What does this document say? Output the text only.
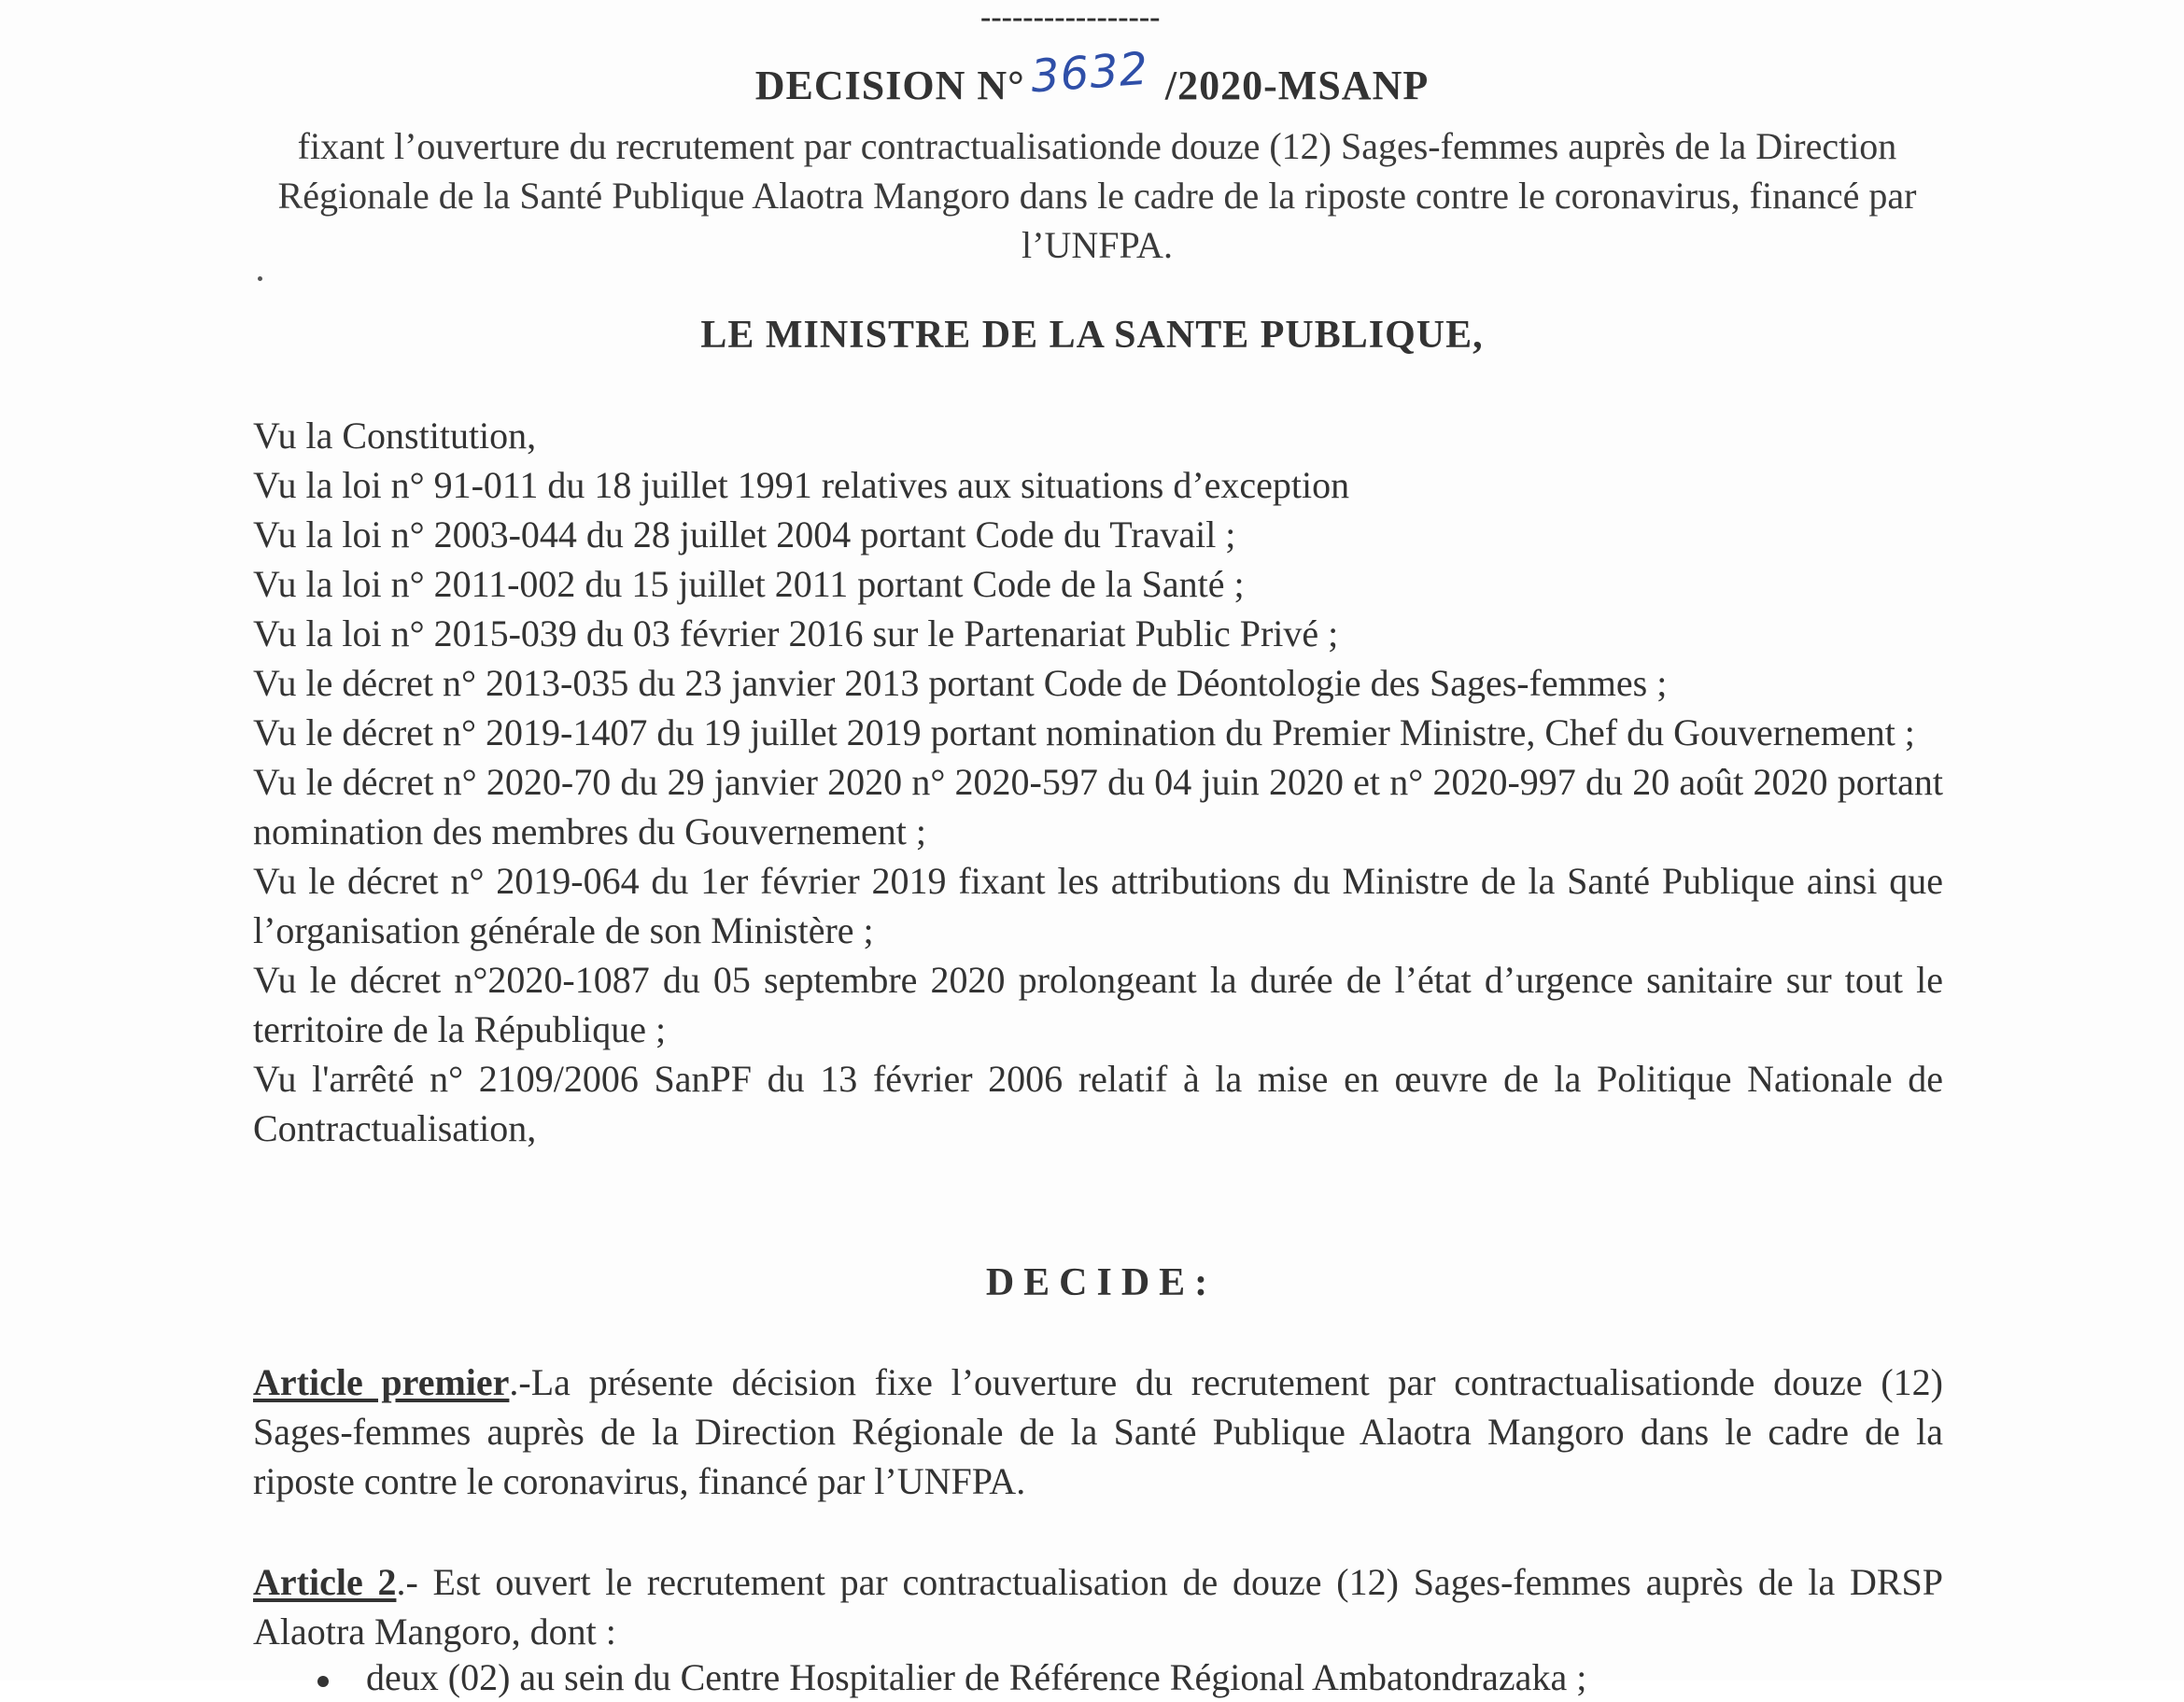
-----------------
DECISION N°3632 /2020-MSANP
fixant l’ouverture du recrutement par contractualisationde douze (12) Sages-femmes auprès de la Direction Régionale de la Santé Publique Alaotra Mangoro dans le cadre de la riposte contre le coronavirus, financé par l’UNFPA.
LE MINISTRE DE LA SANTE PUBLIQUE,

Vu la Constitution,

Vu la loi n° 91-011 du 18 juillet 1991 relatives aux situations d’exception

Vu la loi n° 2003-044 du 28 juillet 2004 portant Code du Travail ;

Vu la loi n° 2011-002 du 15 juillet 2011 portant Code de la Santé ;

Vu la loi n° 2015-039 du 03 février 2016 sur le Partenariat Public Privé ;

Vu le décret n° 2013-035 du 23 janvier 2013 portant Code de Déontologie des Sages-femmes ;

Vu le décret n° 2019-1407 du 19 juillet 2019 portant nomination du Premier Ministre, Chef du Gouvernement ;

Vu le décret n° 2020-70 du 29 janvier 2020 n° 2020-597 du 04 juin 2020 et n° 2020-997 du 20 août 2020 portant nomination des membres du Gouvernement ;

Vu le décret n° 2019-064 du 1er février 2019 fixant les attributions du Ministre de la Santé Publique ainsi que l’organisation générale de son Ministère ;

Vu le décret n°2020-1087 du 05 septembre 2020 prolongeant la durée de l’état d’urgence sanitaire sur tout le territoire de la République ;

Vu l'arrêté n° 2109/2006 SanPF du 13 février 2006 relatif à la mise en œuvre de la Politique Nationale de Contractualisation,

DECIDE:

Article premier.-La présente décision fixe l’ouverture du recrutement par contractualisationde douze (12) Sages-femmes auprès de la Direction Régionale de la Santé Publique Alaotra Mangoro dans le cadre de la riposte contre le coronavirus, financé par l’UNFPA.

Article 2.- Est ouvert le recrutement par contractualisation de douze (12) Sages-femmes auprès de la DRSP Alaotra Mangoro, dont :

deux (02) au sein du Centre Hospitalier de Référence Régional Ambatondrazaka ;
